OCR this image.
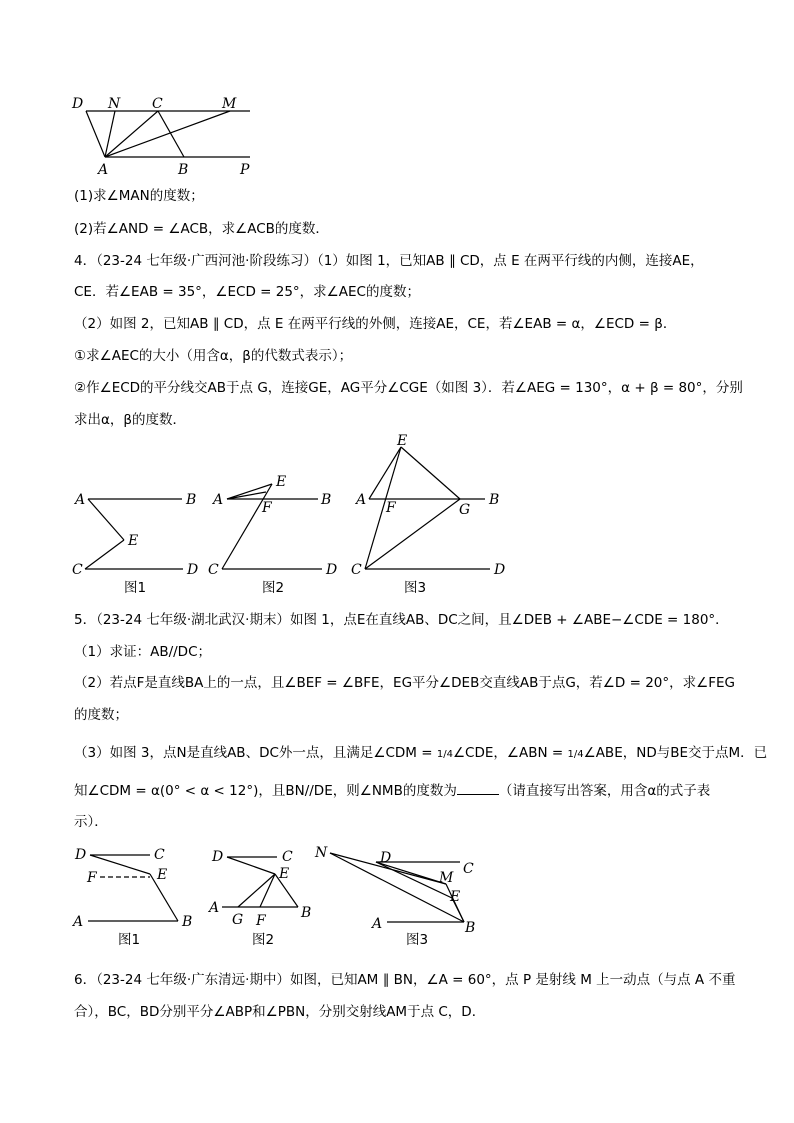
D N C	M
A	B	P
(1)求∠MAN的度数；
(2)若∠AND = ∠ACB，求∠ACB的度数．
4．（23-24 七年级·广西河池·阶段练习）（1）如图 1，已知AB ∥ CD，点 E 在两平行线的内侧，连接AE，
CE．若∠EAB = 35°，∠ECD = 25°，求∠AEC的度数；
（2）如图 2，已知AB ∥ CD，点 E 在两平行线的外侧，连接AE，CE，若∠EAB = α，∠ECD = β．
①求∠AEC的大小（用含α，β的代数式表示）；
②作∠ECD的平分线交AB于点 G，连接GE，AG平分∠CGE（如图 3）．若∠AEG = 130°，α + β = 80°，分别
求出α，β的度数．
A	B
E
C	D
图1
A	B
E
F
C	D
图2
E
A	B
F	G
C	D
图3
5．（23-24 七年级·湖北武汉·期末）如图 1，点E在直线AB、DC之间，且∠DEB + ∠ABE−∠CDE = 180°．
（1）求证：AB//DC；
（2）若点F是直线BA上的一点，且∠BEF = ∠BFE，EG平分∠DEB交直线AB于点G，若∠D = 20°，求∠FEG
的度数；
（3）如图 3，点N是直线AB、DC外一点，且满足∠CDM = 1/4∠CDE，∠ABN = 1/4∠ABE，ND与BE交于点M．已
知∠CDM = α(0° < α < 12°)，且BN//DE，则∠NMB的度数为	（请直接写出答案，用含α的式子表
示）．
D	C
F	E
A	B
图1
D	C
E
A
G F	B
图2
N	D
C
M
E
A	B
图3
6．（23-24 七年级·广东清远·期中）如图，已知AM ∥ BN，∠A = 60°，点 P 是射线 M 上一动点（与点 A 不重
合），BC，BD分别平分∠ABP和∠PBN，分别交射线AM于点 C，D．
